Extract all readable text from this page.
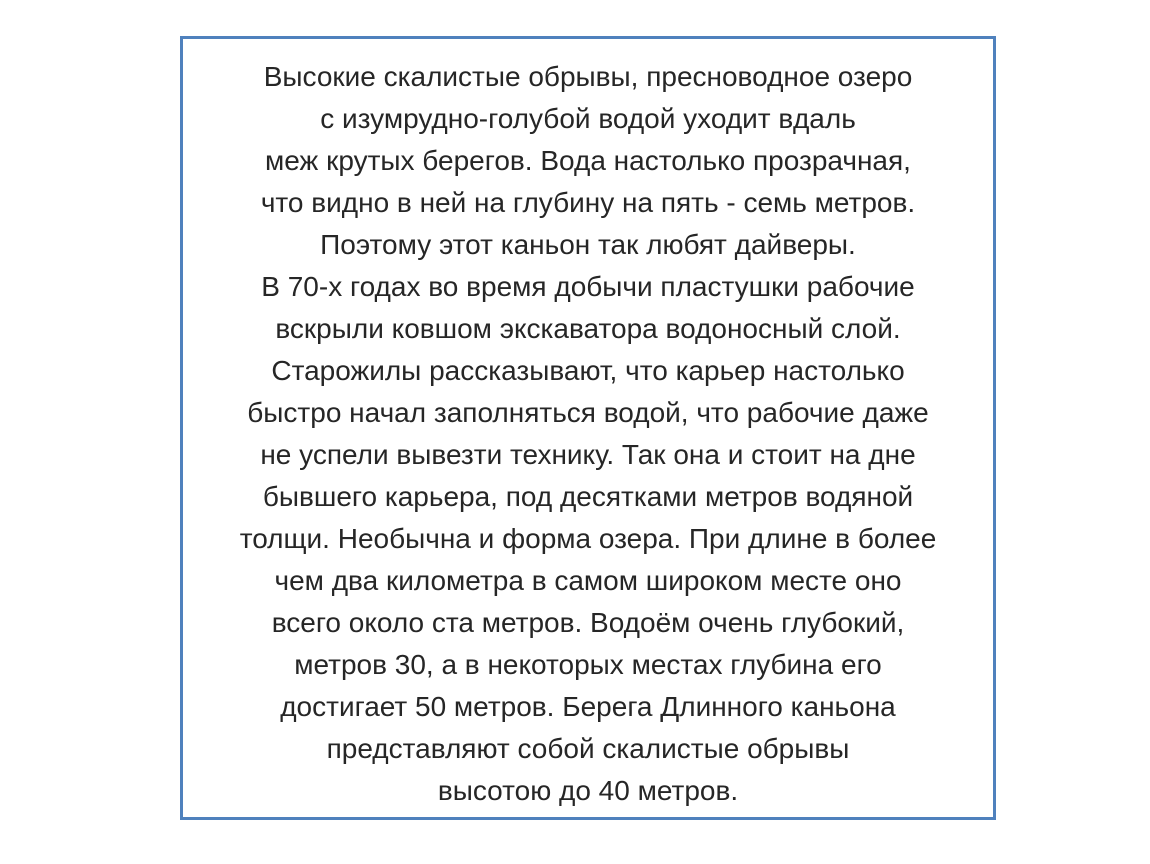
Высокие скалистые обрывы, пресноводное озеро
с изумрудно-голубой водой уходит вдаль
меж крутых берегов. Вода настолько прозрачная,
что видно в ней на глубину на пять - семь метров.
Поэтому этот каньон так любят дайверы.
В 70-х годах во время добычи пластушки рабочие
вскрыли ковшом экскаватора водоносный слой.
Старожилы рассказывают, что карьер настолько
быстро начал заполняться водой, что рабочие даже
не успели вывезти технику. Так она и стоит на дне
бывшего карьера, под десятками метров водяной
толщи. Необычна и форма озера. При длине в более
чем два километра в самом широком месте оно
всего около ста метров. Водоём очень глубокий,
метров 30, а в некоторых местах глубина его
достигает 50 метров. Берега Длинного каньона
представляют собой скалистые обрывы
высотою до 40 метров.
